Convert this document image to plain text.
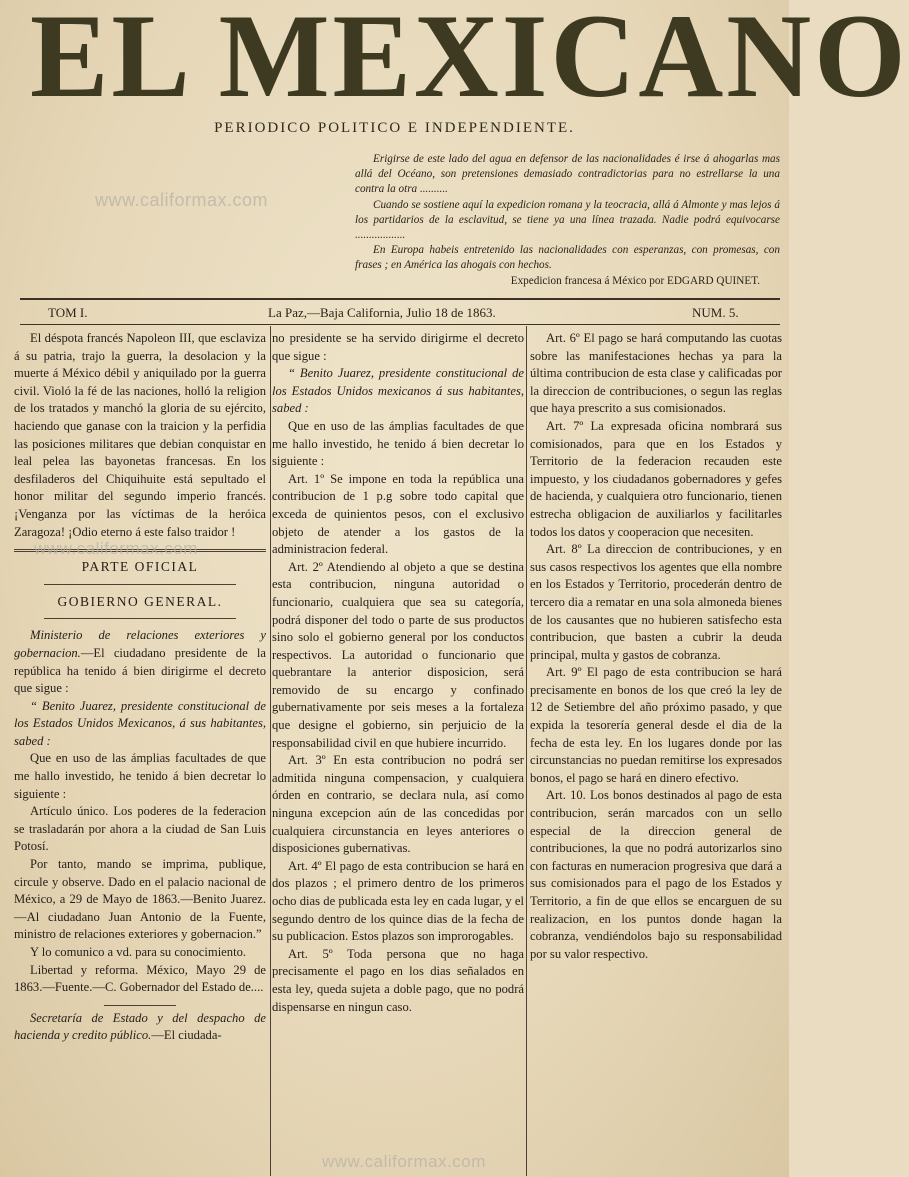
EL MEXICANO
PERIODICO POLITICO E INDEPENDIENTE.

Erigirse de este lado del agua en defensor de las nacionalidades é irse á ahogarlas mas allá del Océano, son pretensiones demasiado contradictorias para no estrellarse la una contra la otra ..........

Cuando se sostiene aquí la expedicion romana y la teocracia, allá á Almonte y mas lejos á los partidarios de la esclavitud, se tiene ya una línea trazada. Nadie podrá equivocarse ..................

En Europa habeis entretenido las nacionalidades con esperanzas, con promesas, con frases ; en América las ahogais con hechos.

Expedicion francesa á México por EDGARD QUINET.

www.califormax.com
TOM I.	La Paz,—Baja California, Julio 18 de 1863.	NUM. 5.

El déspota francés Napoleon III, que esclaviza á su patria, trajo la guerra, la desolacion y la muerte á México débil y aniquilado por la guerra civil. Violó la fé de las naciones, holló la religion de los tratados y manchó la gloria de su ejército, haciendo que ganase con la traicion y la perfidia las posiciones militares que debian conquistar en leal pelea las bayonetas francesas. En los desfiladeros del Chiquihuite está sepultado el honor militar del segundo imperio francés. ¡Venganza por las víctimas de la heróica Zaragoza! ¡Odio eterno á este falso traidor !

www.califormax.com

PARTE OFICIAL

GOBIERNO GENERAL.

Ministerio de relaciones exteriores y gobernacion.—El ciudadano presidente de la república ha tenido á bien dirigirme el decreto que sigue :

“ Benito Juarez, presidente constitucional de los Estados Unidos Mexicanos, á sus habitantes, sabed :

Que en uso de las ámplias facultades de que me hallo investido, he tenido á bien decretar lo siguiente :

Artículo único. Los poderes de la federacion se trasladarán por ahora a la ciudad de San Luis Potosí.

Por tanto, mando se imprima, publique, circule y observe. Dado en el palacio nacional de México, a 29 de Mayo de 1863.—Benito Juarez.—Al ciudadano Juan Antonio de la Fuente, ministro de relaciones exteriores y gobernacion.”

Y lo comunico a vd. para su conocimiento.

Libertad y reforma. México, Mayo 29 de 1863.—Fuente.—C. Gobernador del Estado de....

Secretaría de Estado y del despacho de hacienda y credito público.—El ciudada-

no presidente se ha servido dirigirme el decreto que sigue :

“ Benito Juarez, presidente constitucional de los Estados Unidos mexicanos á sus habitantes, sabed :

Que en uso de las ámplias facultades de que me hallo investido, he tenido á bien decretar lo siguiente :

Art. 1º Se impone en toda la república una contribucion de 1 p.g sobre todo capital que exceda de quinientos pesos, con el exclusivo objeto de atender a los gastos de la administracion federal.

Art. 2º Atendiendo al objeto a que se destina esta contribucion, ninguna autoridad o funcionario, cualquiera que sea su categoría, podrá disponer del todo o parte de sus productos sino solo el gobierno general por los conductos respectivos. La autoridad o funcionario que quebrantare la anterior disposicion, será removido de su encargo y confinado gubernativamente por seis meses a la fortaleza que designe el gobierno, sin perjuicio de la responsabilidad civil en que hubiere incurrido.

Art. 3º En esta contribucion no podrá ser admitida ninguna compensacion, y cualquiera órden en contrario, se declara nula, así como ninguna excepcion aún de las concedidas por cualquiera circunstancia en leyes anteriores o disposiciones gubernativas.

Art. 4º El pago de esta contribucion se hará en dos plazos ; el primero dentro de los primeros ocho dias de publicada esta ley en cada lugar, y el segundo dentro de los quince dias de la fecha de su publicacion. Estos plazos son improrogables.

Art. 5º Toda persona que no haga precisamente el pago en los dias señalados en esta ley, queda sujeta a doble pago, que no podrá dispensarse en ningun caso.

Art. 6º El pago se hará computando las cuotas sobre las manifestaciones hechas ya para la última contribucion de esta clase y calificadas por la direccion de contribuciones, o segun las reglas que haya prescrito a sus comisionados.

Art. 7º La expresada oficina nombrará sus comisionados, para que en los Estados y Territorio de la federacion recauden este impuesto, y los ciudadanos gobernadores y gefes de hacienda, y cualquiera otro funcionario, tienen estrecha obligacion de auxiliarlos y facilitarles todos los datos y cooperacion que necesiten.

Art. 8º La direccion de contribuciones, y en sus casos respectivos los agentes que ella nombre en los Estados y Territorio, procederán dentro de tercero dia a rematar en una sola almoneda bienes de los causantes que no hubieren satisfecho esta contribucion, que basten a cubrir la deuda principal, multa y gastos de cobranza.

Art. 9º El pago de esta contribucion se hará precisamente en bonos de los que creó la ley de 12 de Setiembre del año próximo pasado, y que expida la tesorería general desde el dia de la fecha de esta ley. En los lugares donde por las circunstancias no puedan remitirse los expresados bonos, el pago se hará en dinero efectivo.

Art. 10. Los bonos destinados al pago de esta contribucion, serán marcados con un sello especial de la direccion general de contribuciones, la que no podrá autorizarlos sino con facturas en numeracion progresiva que dará a sus comisionados para el pago de los Estados y Territorio, a fin de que ellos se encarguen de su realizacion, en los puntos donde hagan la cobranza, vendiéndolos bajo su responsabilidad por su valor respectivo.

www.califormax.com
